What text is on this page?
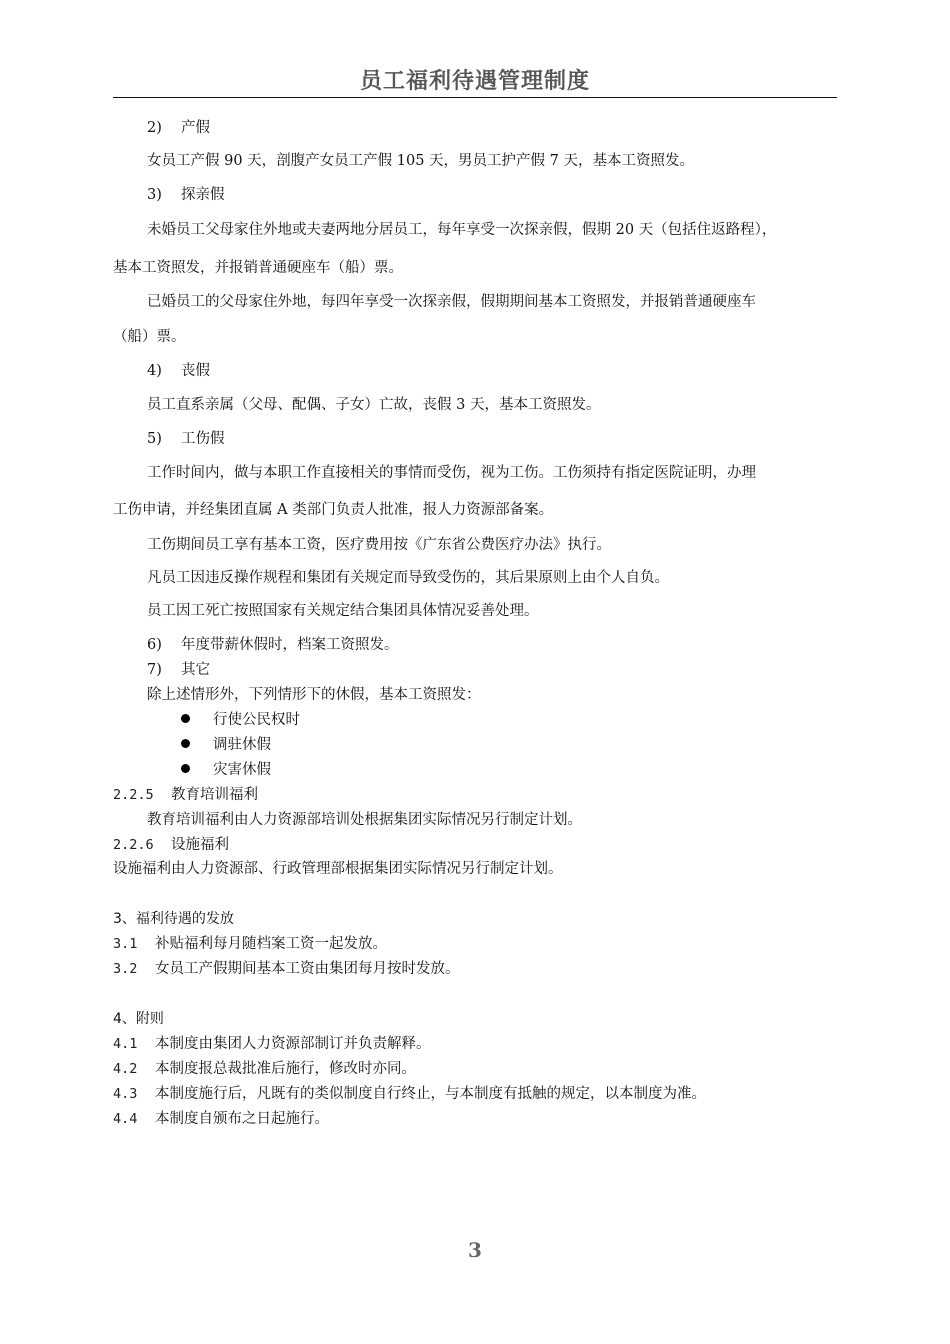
员工福利待遇管理制度
2) 产假
女员工产假 90 天，剖腹产女员工产假 105 天，男员工护产假 7 天，基本工资照发。
3) 探亲假
未婚员工父母家住外地或夫妻两地分居员工，每年享受一次探亲假，假期 20 天（包括住返路程），
基本工资照发，并报销普通硬座车（船）票。
已婚员工的父母家住外地，每四年享受一次探亲假，假期期间基本工资照发，并报销普通硬座车
（船）票。
4) 丧假
员工直系亲属（父母、配偶、子女）亡故，丧假 3 天，基本工资照发。
5) 工伤假
工作时间内，做与本职工作直接相关的事情而受伤，视为工伤。工伤须持有指定医院证明，办理
工伤申请，并经集团直属 A 类部门负责人批准，报人力资源部备案。
工伤期间员工享有基本工资，医疗费用按《广东省公费医疗办法》执行。
凡员工因违反操作规程和集团有关规定而导致受伤的，其后果原则上由个人自负。
员工因工死亡按照国家有关规定结合集团具体情况妥善处理。
6) 年度带薪休假时，档案工资照发。
7) 其它
除上述情形外，下列情形下的休假，基本工资照发：
行使公民权时
调驻休假
灾害休假
2.2.5 教育培训福利
教育培训福利由人力资源部培训处根据集团实际情况另行制定计划。
2.2.6 设施福利
设施福利由人力资源部、行政管理部根据集团实际情况另行制定计划。
3、福利待遇的发放
3.1 补贴福利每月随档案工资一起发放。
3.2 女员工产假期间基本工资由集团每月按时发放。
4、附则
4.1 本制度由集团人力资源部制订并负责解释。
4.2 本制度报总裁批准后施行，修改时亦同。
4.3 本制度施行后，凡既有的类似制度自行终止，与本制度有抵触的规定，以本制度为准。
4.4 本制度自颁布之日起施行。
3
